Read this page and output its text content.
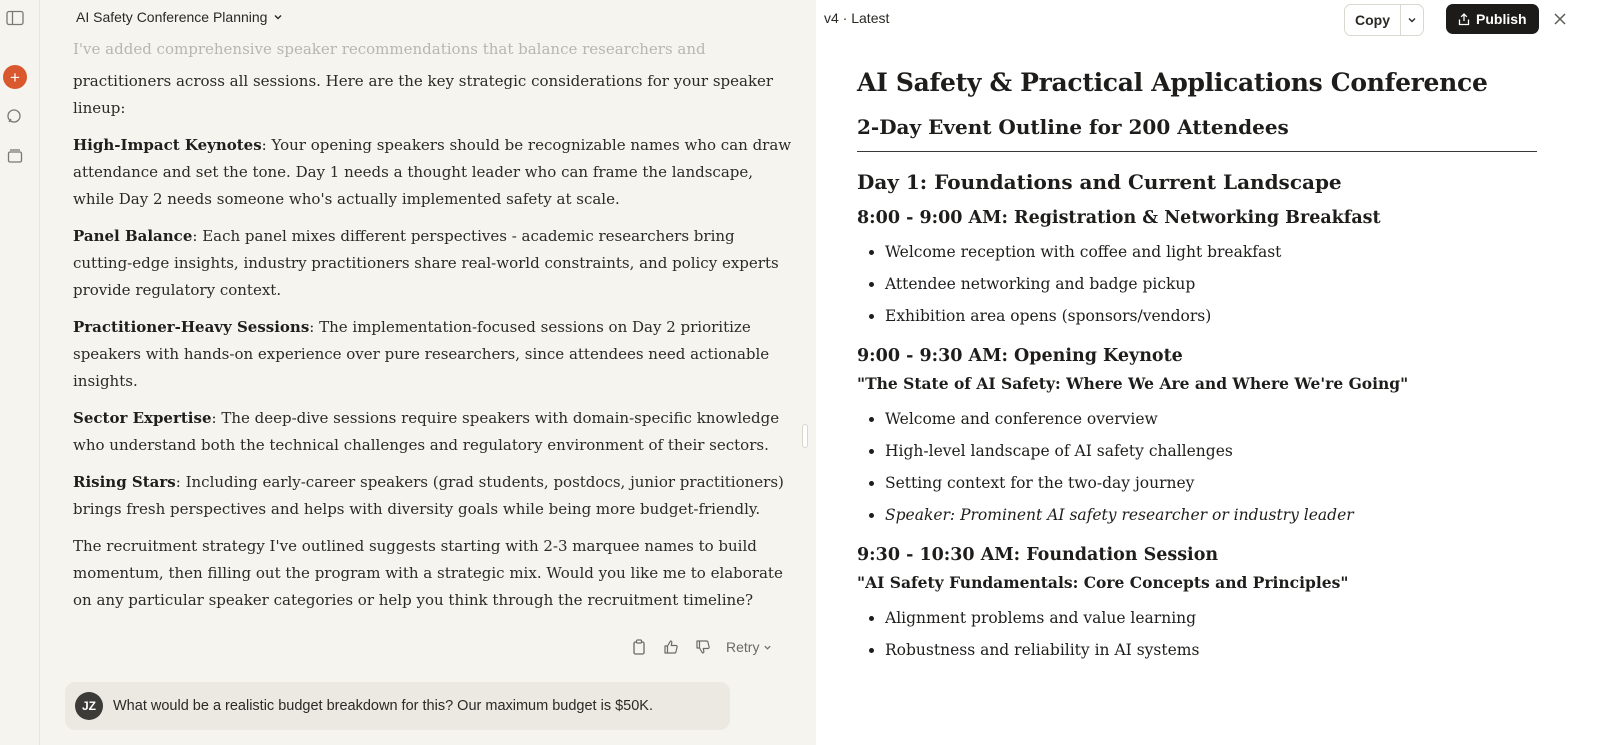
+
AI Safety Conference Planning

I've added comprehensive speaker recommendations that balance researchers and

practitioners across all sessions. Here are the key strategic considerations for your speaker lineup:

High-Impact Keynotes: Your opening speakers should be recognizable names who can draw attendance and set the tone. Day 1 needs a thought leader who can frame the landscape, while Day 2 needs someone who's actually implemented safety at scale.

Panel Balance: Each panel mixes different perspectives - academic researchers bring cutting-edge insights, industry practitioners share real-world constraints, and policy experts provide regulatory context.

Practitioner-Heavy Sessions: The implementation-focused sessions on Day 2 prioritize speakers with hands-on experience over pure researchers, since attendees need actionable insights.

Sector Expertise: The deep-dive sessions require speakers with domain-specific knowledge who understand both the technical challenges and regulatory environment of their sectors.

Rising Stars: Including early-career speakers (grad students, postdocs, junior practitioners) brings fresh perspectives and helps with diversity goals while being more budget-friendly.

The recruitment strategy I've outlined suggests starting with 2-3 marquee names to build momentum, then filling out the program with a strategic mix. Would you like me to elaborate on any particular speaker categories or help you think through the recruitment timeline?

Retry
JZ	What would be a realistic budget breakdown for this? Our maximum budget is $50K.
v4 · Latest	Copy	Publish
AI Safety & Practical Applications Conference
2-Day Event Outline for 200 Attendees
Day 1: Foundations and Current Landscape
8:00 - 9:00 AM: Registration & Networking Breakfast
• Welcome reception with coffee and light breakfast
• Attendee networking and badge pickup
• Exhibition area opens (sponsors/vendors)
9:00 - 9:30 AM: Opening Keynote
"The State of AI Safety: Where We Are and Where We're Going"
• Welcome and conference overview
• High-level landscape of AI safety challenges
• Setting context for the two-day journey
• Speaker: Prominent AI safety researcher or industry leader
9:30 - 10:30 AM: Foundation Session
"AI Safety Fundamentals: Core Concepts and Principles"
• Alignment problems and value learning
• Robustness and reliability in AI systems
